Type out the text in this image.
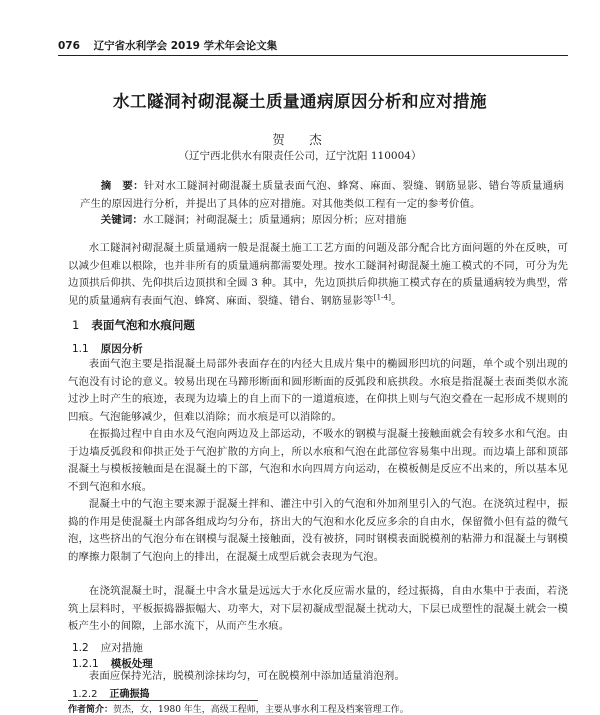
076 辽宁省水利学会 2019 学术年会论文集
水工隧洞衬砌混凝土质量通病原因分析和应对措施
贺　杰
（辽宁西北供水有限责任公司，辽宁沈阳 110004）

摘　要：针对水工隧洞衬砌混凝土质量表面气泡、蜂窝、麻面、裂缝、钢筋显影、错台等质量通病产生的原因进行分析，并提出了具体的应对措施。对其他类似工程有一定的参考价值。

关键词：水工隧洞；衬砌混凝土；质量通病；原因分析；应对措施

水工隧洞衬砌混凝土质量通病一般是混凝土施工工艺方面的问题及部分配合比方面问题的外在反映，可以减少但难以根除，也并非所有的质量通病都需要处理。按水工隧洞衬砌混凝土施工模式的不同，可分为先边顶拱后仰拱、先仰拱后边顶拱和全圆 3 种。其中，先边顶拱后仰拱施工模式存在的质量通病较为典型，常见的质量通病有表面气泡、蜂窝、麻面、裂缝、错台、钢筋显影等[1-4]。

1 表面气泡和水痕问题
1.1 原因分析

表面气泡主要是指混凝土局部外表面存在的内径大且成片集中的椭圆形凹坑的问题，单个或个别出现的气泡没有讨论的意义。较易出现在马蹄形断面和圆形断面的反弧段和底拱段。水痕是指混凝土表面类似水流过沙上时产生的痕迹，表现为边墙上的自上而下的一道道痕迹，在仰拱上则与气泡交叠在一起形成不规则的凹痕。气泡能够减少，但难以消除；而水痕是可以消除的。

在振捣过程中自由水及气泡向两边及上部运动，不吸水的钢模与混凝土接触面就会有较多水和气泡。由于边墙反弧段和仰拱正处于气泡扩散的方向上，所以水痕和气泡在此部位容易集中出现。而边墙上部和顶部混凝土与模板接触面是在混凝土的下部，气泡和水向四周方向运动，在模板侧是反应不出来的，所以基本见不到气泡和水痕。

混凝土中的气泡主要来源于混凝土拌和、灌注中引入的气泡和外加剂里引入的气泡。在浇筑过程中，振捣的作用是使混凝土内部各组成均匀分布，挤出大的气泡和水化反应多余的自由水，保留微小但有益的微气泡，这些挤出的气泡分布在钢模与混凝土接触面，没有被挤，同时钢模表面脱模剂的粘滞力和混凝土与钢模的摩擦力限制了气泡向上的排出，在混凝土成型后就会表现为气泡。

在浇筑混凝土时，混凝土中含水量是远远大于水化反应需水量的，经过振捣，自由水集中于表面，若浇筑上层料时，平板振捣器振幅大、功率大，对下层初凝成型混凝土扰动大，下层已成塑性的混凝土就会一模板产生小的间隙，上部水流下，从而产生水痕。

1.2 应对措施
1.2.1 模板处理

表面应保持光洁，脱模剂涂抹均匀，可在脱模剂中添加适量消泡剂。

作者简介：贺杰，女，1980 年生，高级工程师，主要从事水利工程及档案管理工作。
1.2.2 正确振捣
